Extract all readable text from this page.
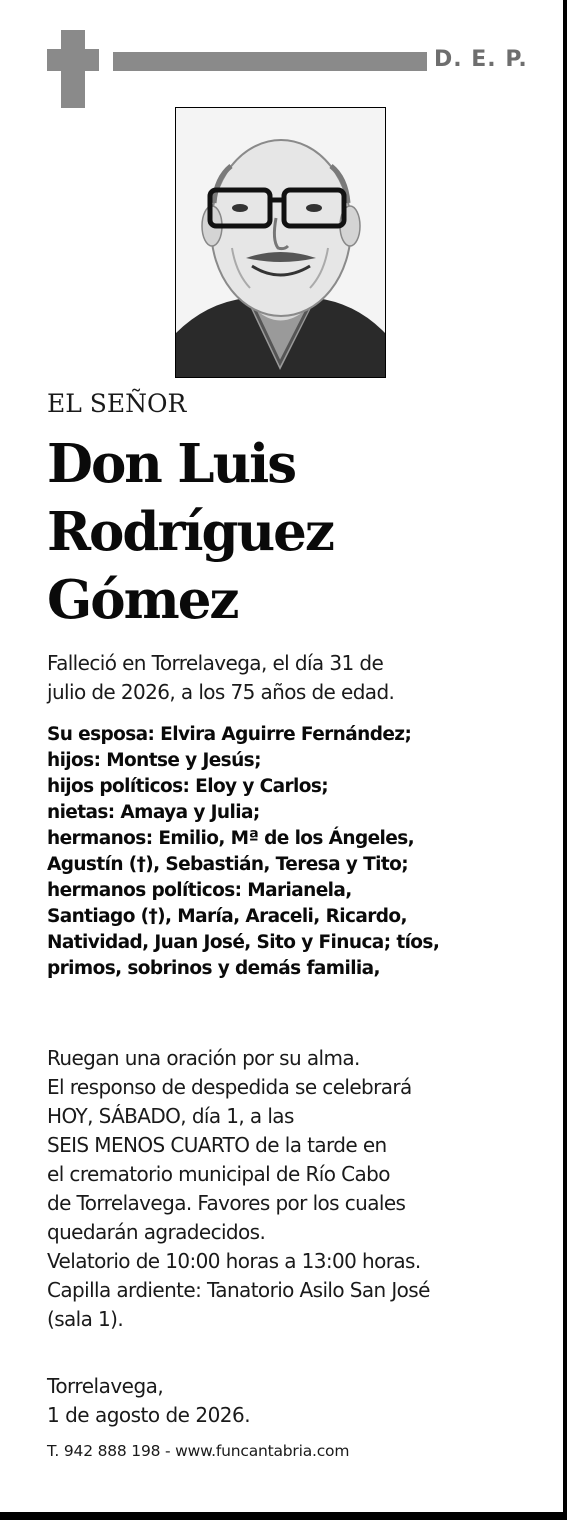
D. E. P.
EL SEÑOR
Don Luis
Rodríguez
Gómez
Falleció en Torrelavega, el día 31 de
julio de 2026, a los 75 años de edad.
Su esposa: Elvira Aguirre Fernández;
hijos: Montse y Jesús;
hijos políticos: Eloy y Carlos;
nietas: Amaya y Julia;
hermanos: Emilio, Mª de los Ángeles,
Agustín (†), Sebastián, Teresa y Tito;
hermanos políticos: Marianela,
Santiago (†), María, Araceli, Ricardo,
Natividad, Juan José, Sito y Finuca; tíos,
primos, sobrinos y demás familia,
Ruegan una oración por su alma.
El responso de despedida se celebrará
HOY, SÁBADO, día 1, a las
SEIS MENOS CUARTO de la tarde en
el crematorio municipal de Río Cabo
de Torrelavega. Favores por los cuales
quedarán agradecidos.
Velatorio de 10:00 horas a 13:00 horas.
Capilla ardiente: Tanatorio Asilo San José
(sala 1).
Torrelavega,
1 de agosto de 2026.
T. 942 888 198 - www.funcantabria.com
